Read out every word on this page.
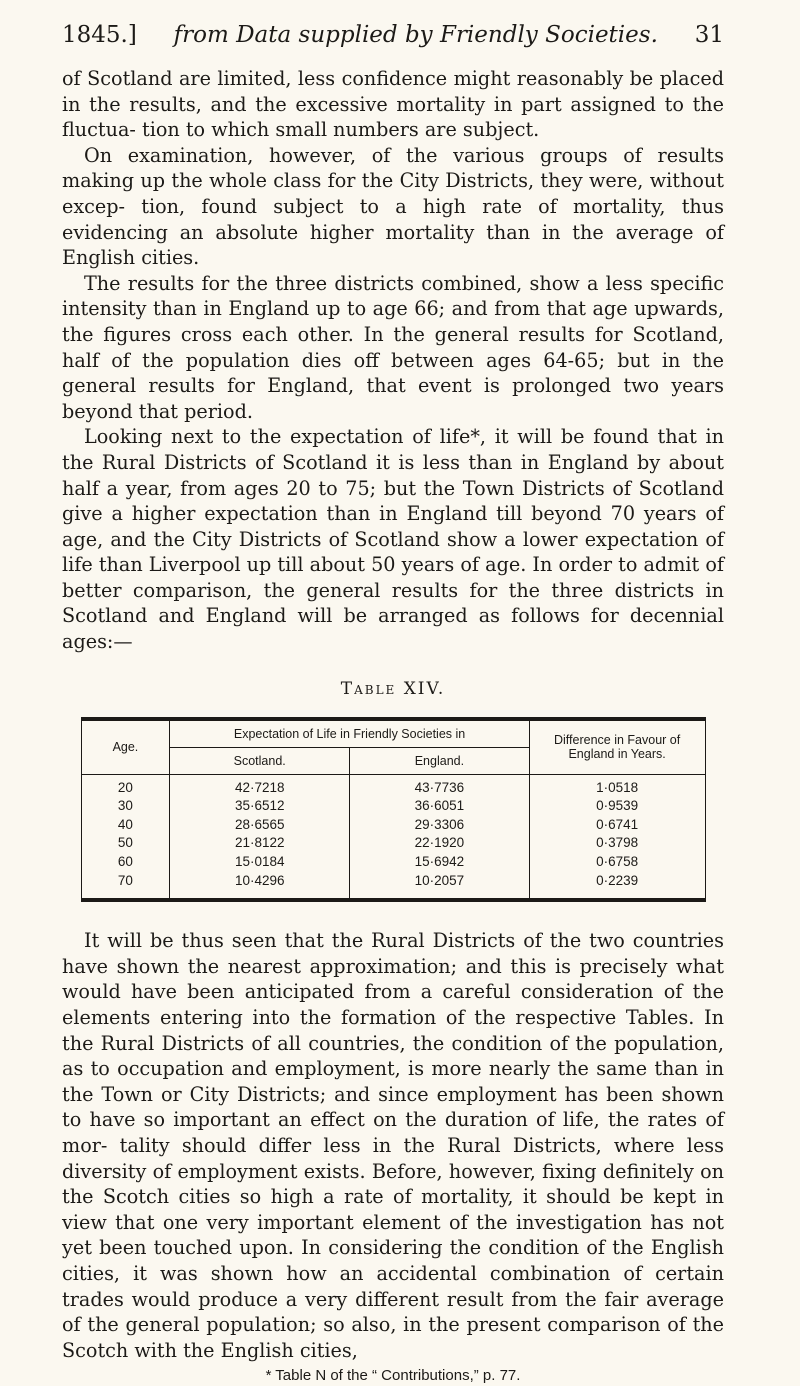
1845.] from Data supplied by Friendly Societies. 31

of Scotland are limited, less confidence might reasonably be placed in the results, and the excessive mortality in part assigned to the fluctua- tion to which small numbers are subject.

On examination, however, of the various groups of results making up the whole class for the City Districts, they were, without excep- tion, found subject to a high rate of mortality, thus evidencing an absolute higher mortality than in the average of English cities.

The results for the three districts combined, show a less specific intensity than in England up to age 66; and from that age upwards, the figures cross each other. In the general results for Scotland, half of the population dies off between ages 64-65; but in the general results for England, that event is prolonged two years beyond that period.

Looking next to the expectation of life*, it will be found that in the Rural Districts of Scotland it is less than in England by about half a year, from ages 20 to 75; but the Town Districts of Scotland give a higher expectation than in England till beyond 70 years of age, and the City Districts of Scotland show a lower expectation of life than Liverpool up till about 50 years of age. In order to admit of better comparison, the general results for the three districts in Scotland and England will be arranged as follows for decennial ages:—

Table XIV.
Age.	Expectation of Life in Friendly Societies in		Difference in Favour of England in Years.
	Scotland.	England.	
20	42·7218	43·7736	1·0518
30	35·6512	36·6051	0·9539
40	28·6565	29·3306	0·6741
50	21·8122	22·1920	0·3798
60	15·0184	15·6942	0·6758
70	10·4296	10·2057	0·2239

It will be thus seen that the Rural Districts of the two countries have shown the nearest approximation; and this is precisely what would have been anticipated from a careful consideration of the elements entering into the formation of the respective Tables. In the Rural Districts of all countries, the condition of the population, as to occupation and employment, is more nearly the same than in the Town or City Districts; and since employment has been shown to have so important an effect on the duration of life, the rates of mor- tality should differ less in the Rural Districts, where less diversity of employment exists. Before, however, fixing definitely on the Scotch cities so high a rate of mortality, it should be kept in view that one very important element of the investigation has not yet been touched upon. In considering the condition of the English cities, it was shown how an accidental combination of certain trades would produce a very different result from the fair average of the general population; so also, in the present comparison of the Scotch with the English cities,

* Table N of the “ Contributions,” p. 77.
